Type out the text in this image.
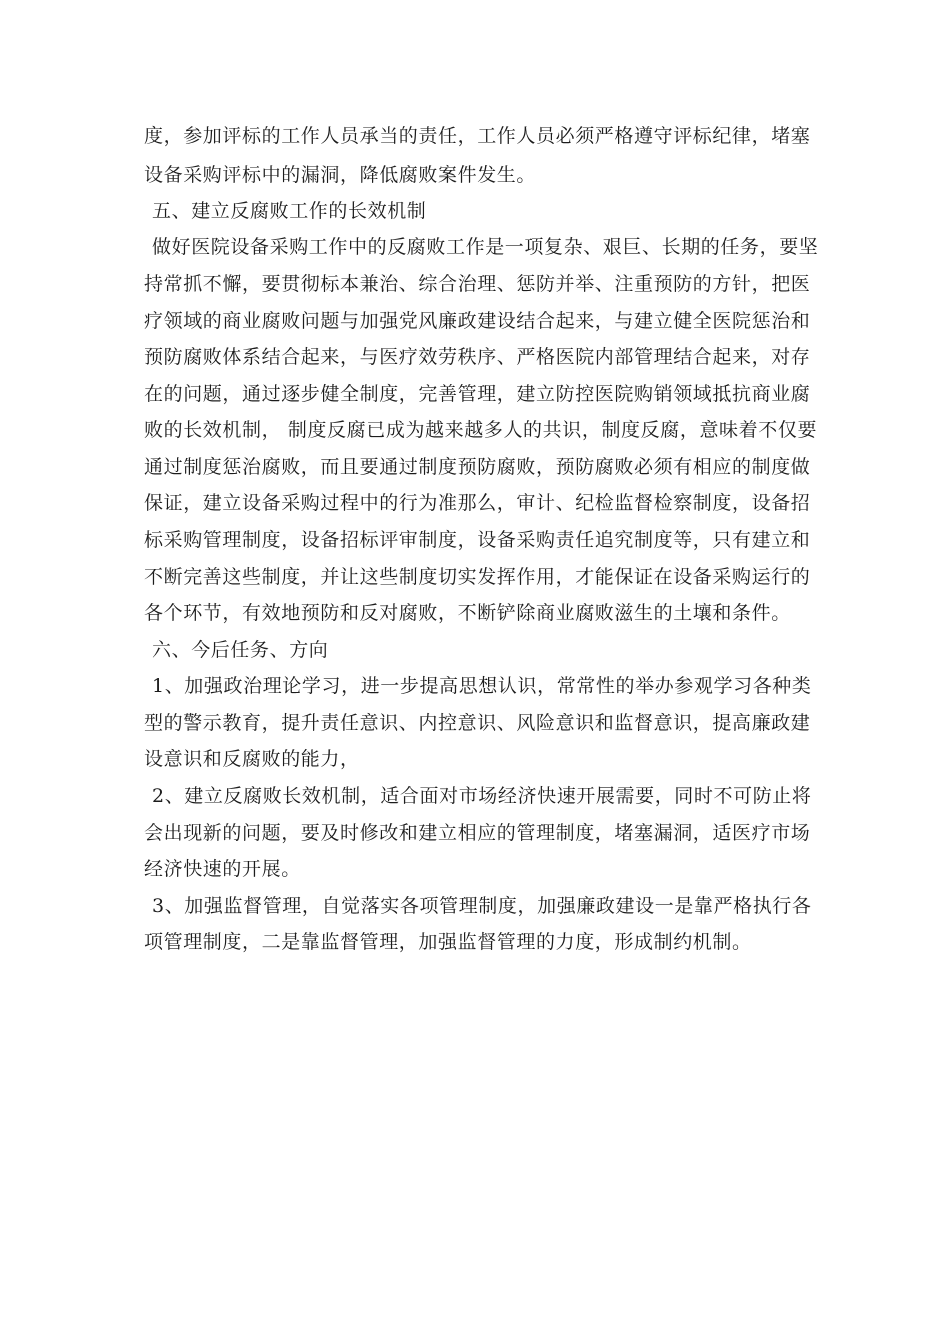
度，参加评标的工作人员承当的责任，工作人员必须严格遵守评标纪律，堵塞
设备采购评标中的漏洞，降低腐败案件发生。
五、建立反腐败工作的长效机制
做好医院设备采购工作中的反腐败工作是一项复杂、艰巨、长期的任务，要坚
持常抓不懈，要贯彻标本兼治、综合治理、惩防并举、注重预防的方针，把医
疗领域的商业腐败问题与加强党风廉政建设结合起来，与建立健全医院惩治和
预防腐败体系结合起来，与医疗效劳秩序、严格医院内部管理结合起来，对存
在的问题，通过逐步健全制度，完善管理，建立防控医院购销领域抵抗商业腐
败的长效机制， 制度反腐已成为越来越多人的共识，制度反腐，意味着不仅要
通过制度惩治腐败，而且要通过制度预防腐败，预防腐败必须有相应的制度做
保证，建立设备采购过程中的行为准那么，审计、纪检监督检察制度，设备招
标采购管理制度，设备招标评审制度，设备采购责任追究制度等，只有建立和
不断完善这些制度，并让这些制度切实发挥作用，才能保证在设备采购运行的
各个环节，有效地预防和反对腐败，不断铲除商业腐败滋生的土壤和条件。
六、今后任务、方向
1、加强政治理论学习，进一步提高思想认识，常常性的举办参观学习各种类
型的警示教育，提升责任意识、内控意识、风险意识和监督意识，提高廉政建
设意识和反腐败的能力，
2、建立反腐败长效机制，适合面对市场经济快速开展需要，同时不可防止将
会出现新的问题，要及时修改和建立相应的管理制度，堵塞漏洞，适医疗市场
经济快速的开展。
3、加强监督管理，自觉落实各项管理制度，加强廉政建设一是靠严格执行各
项管理制度，二是靠监督管理，加强监督管理的力度，形成制约机制。
